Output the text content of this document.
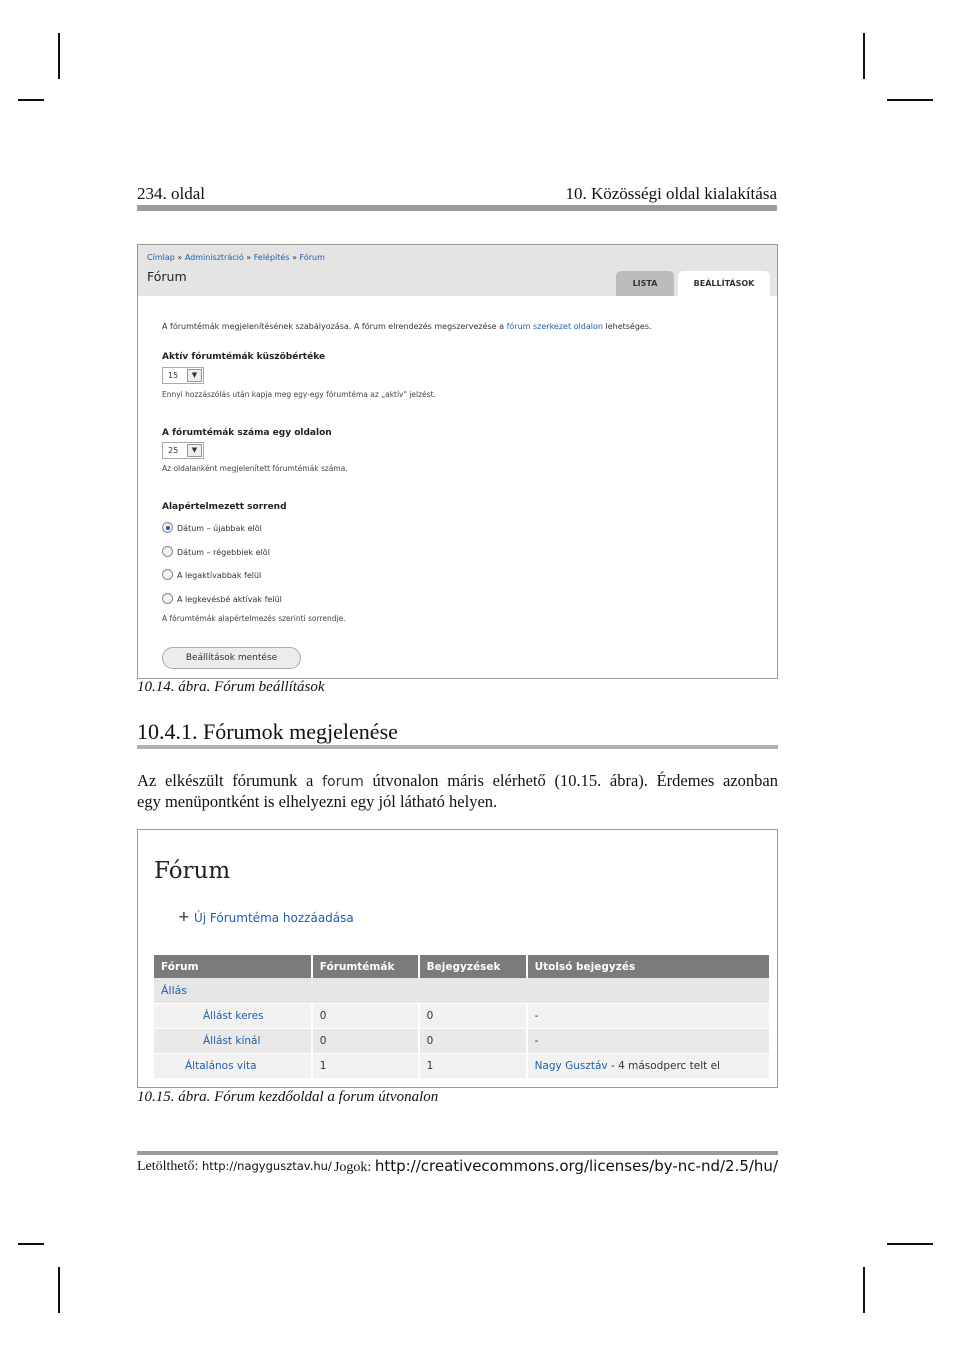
234. oldal	10. Közösségi oldal kialakítása
Címlap » Adminisztráció » Felépítés » Fórum
Fórum	LISTA	BEÁLLÍTÁSOK
A fórumtémák megjelenítésének szabályozása. A fórum elrendezés megszervezése a fórum szerkezet oldalon lehetséges.
Aktív fórumtémák küszöbértéke
15	▼
Ennyi hozzászólás után kapja meg egy-egy fórumtéma az „aktív" jelzést.
A fórumtémák száma egy oldalon
25	▼
Az oldalanként megjelenített fórumtémák száma.
Alapértelmezett sorrend
Dátum – újabbak elöl
Dátum – régebbiek elöl
A legaktívabbak felül
A legkevésbé aktívak felül
A fórumtémák alapértelmezés szerinti sorrendje.
Beállítások mentése
10.14. ábra. Fórum beállítások
10.4.1. Fórumok megjelenése
Az elkészült fórumunk a forum útvonalon máris elérhető (10.15. ábra). Érdemes azonban
egy menüpontként is elhelyezni egy jól látható helyen.
Fórum
+ Új Fórumtéma hozzáadása
Fórum	Fórumtémák	Bejegyzések	Utolsó bejegyzés
Állás			
Állást keres	0	0	-
Állást kínál	0	0	-
Általános vita	1	1	Nagy Gusztáv - 4 másodperc telt el
10.15. ábra. Fórum kezdőoldal a forum útvonalon
Letölthető: http://nagygusztav.hu/ Jogok: http://creativecommons.org/licenses/by-nc-nd/2.5/hu/
